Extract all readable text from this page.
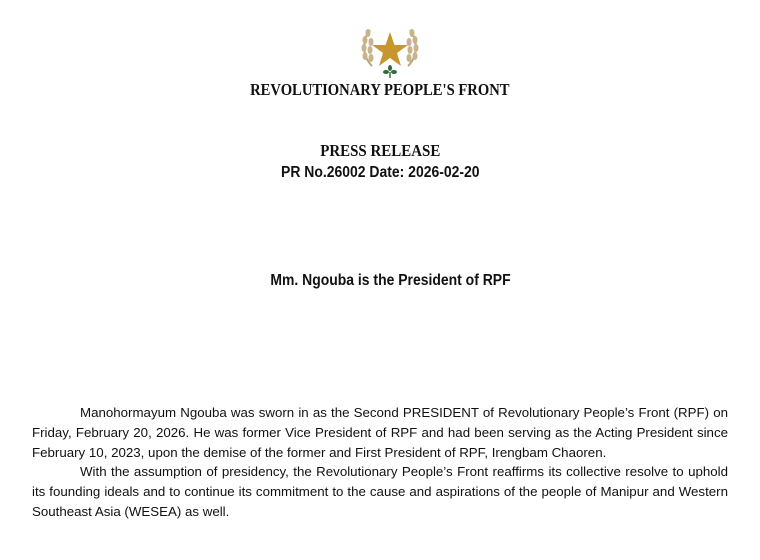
REVOLUTIONARY PEOPLE'S FRONT
PRESS RELEASE
PR No.26002 Date: 2026-02-20
Mm. Ngouba is the President of RPF

Manohormayum Ngouba was sworn in as the Second PRESIDENT of Revolutionary People’s Front (RPF) on Friday, February 20, 2026. He was former Vice President of RPF and had been serving as the Acting President since February 10, 2023, upon the demise of the former and First President of RPF, Irengbam Chaoren.

With the assumption of presidency, the Revolutionary People’s Front reaffirms its collective resolve to uphold its founding ideals and to continue its commitment to the cause and aspirations of the people of Manipur and Western Southeast Asia (WESEA) as well.
